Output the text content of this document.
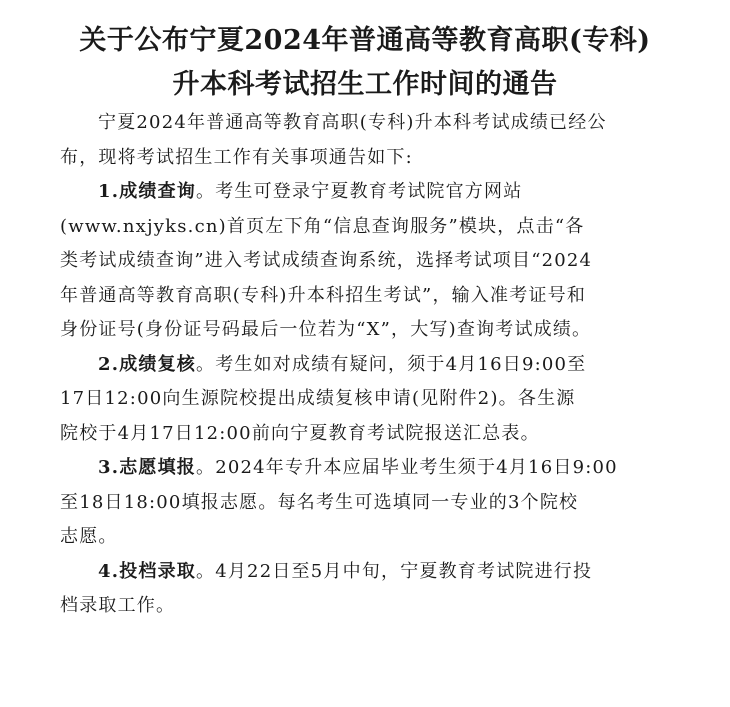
关于公布宁夏2024年普通高等教育高职(专科)
升本科考试招生工作时间的通告
宁夏2024年普通高等教育高职(专科)升本科考试成绩已经公
布，现将考试招生工作有关事项通告如下:
1.成绩查询。考生可登录宁夏教育考试院官方网站
(www.nxjyks.cn)首页左下角“信息查询服务”模块，点击“各
类考试成绩查询”进入考试成绩查询系统，选择考试项目“2024
年普通高等教育高职(专科)升本科招生考试”，输入准考证号和
身份证号(身份证号码最后一位若为“X”，大写)查询考试成绩。
2.成绩复核。考生如对成绩有疑问，须于4月16日9:00至
17日12:00向生源院校提出成绩复核申请(见附件2)。各生源
院校于4月17日12:00前向宁夏教育考试院报送汇总表。
3.志愿填报。2024年专升本应届毕业考生须于4月16日9:00
至18日18:00填报志愿。每名考生可选填同一专业的3个院校
志愿。
4.投档录取。4月22日至5月中旬，宁夏教育考试院进行投
档录取工作。
